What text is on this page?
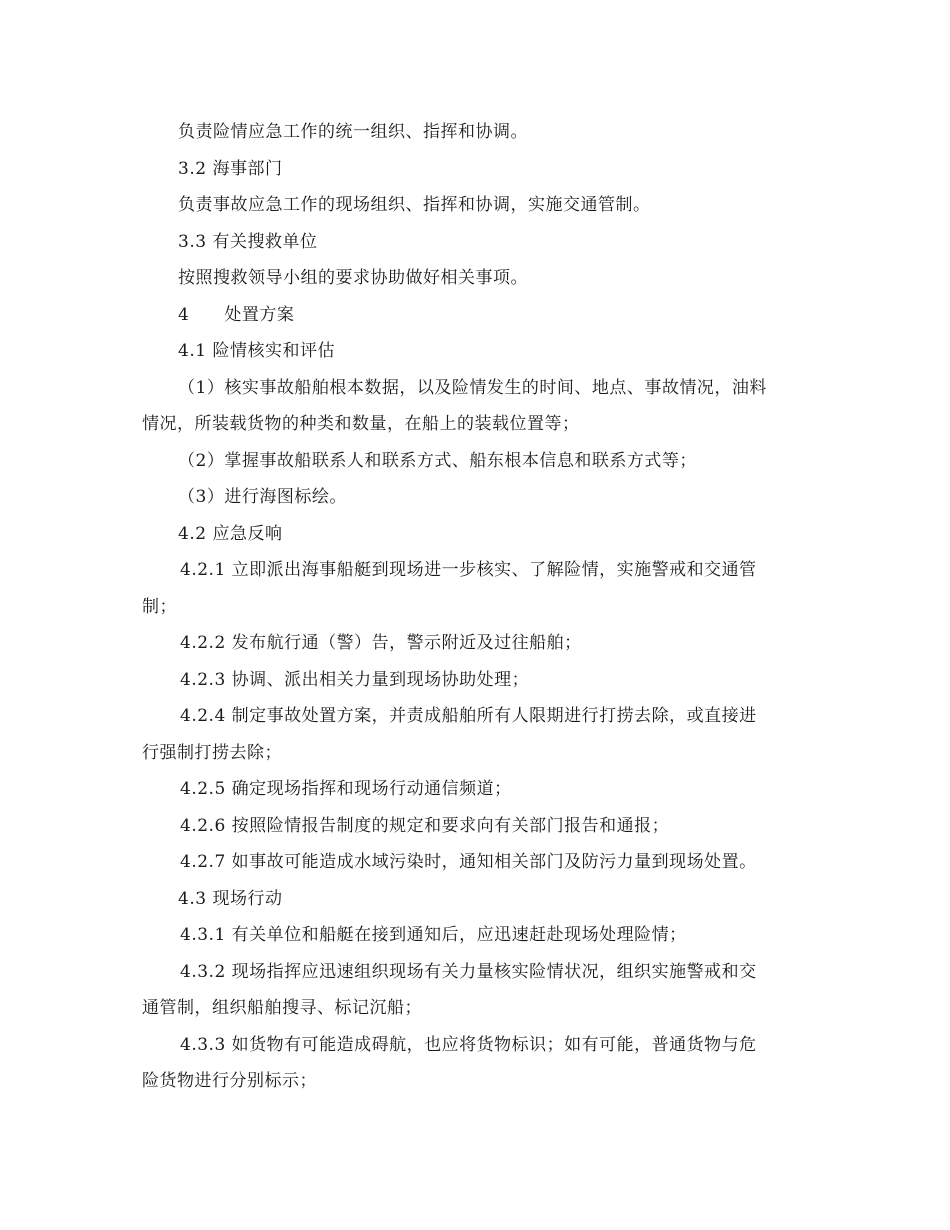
负责险情应急工作的统一组织、指挥和协调。

3.2 海事部门

负责事故应急工作的现场组织、指挥和协调，实施交通管制。

3.3 有关搜救单位

按照搜救领导小组的要求协助做好相关事项。

4　　处置方案

4.1 险情核实和评估

（1）核实事故船舶根本数据，以及险情发生的时间、地点、事故情况，油料

情况，所装载货物的种类和数量，在船上的装载位置等；

（2）掌握事故船联系人和联系方式、船东根本信息和联系方式等；

（3）进行海图标绘。

4.2 应急反响

4.2.1 立即派出海事船艇到现场进一步核实、了解险情，实施警戒和交通管

制；

4.2.2 发布航行通（警）告，警示附近及过往船舶；

4.2.3 协调、派出相关力量到现场协助处理；

4.2.4 制定事故处置方案，并责成船舶所有人限期进行打捞去除，或直接进

行强制打捞去除；

4.2.5 确定现场指挥和现场行动通信频道；

4.2.6 按照险情报告制度的规定和要求向有关部门报告和通报；

4.2.7 如事故可能造成水域污染时，通知相关部门及防污力量到现场处置。

4.3 现场行动

4.3.1 有关单位和船艇在接到通知后，应迅速赶赴现场处理险情；

4.3.2 现场指挥应迅速组织现场有关力量核实险情状况，组织实施警戒和交

通管制，组织船舶搜寻、标记沉船；

4.3.3 如货物有可能造成碍航，也应将货物标识；如有可能，普通货物与危

险货物进行分别标示；
